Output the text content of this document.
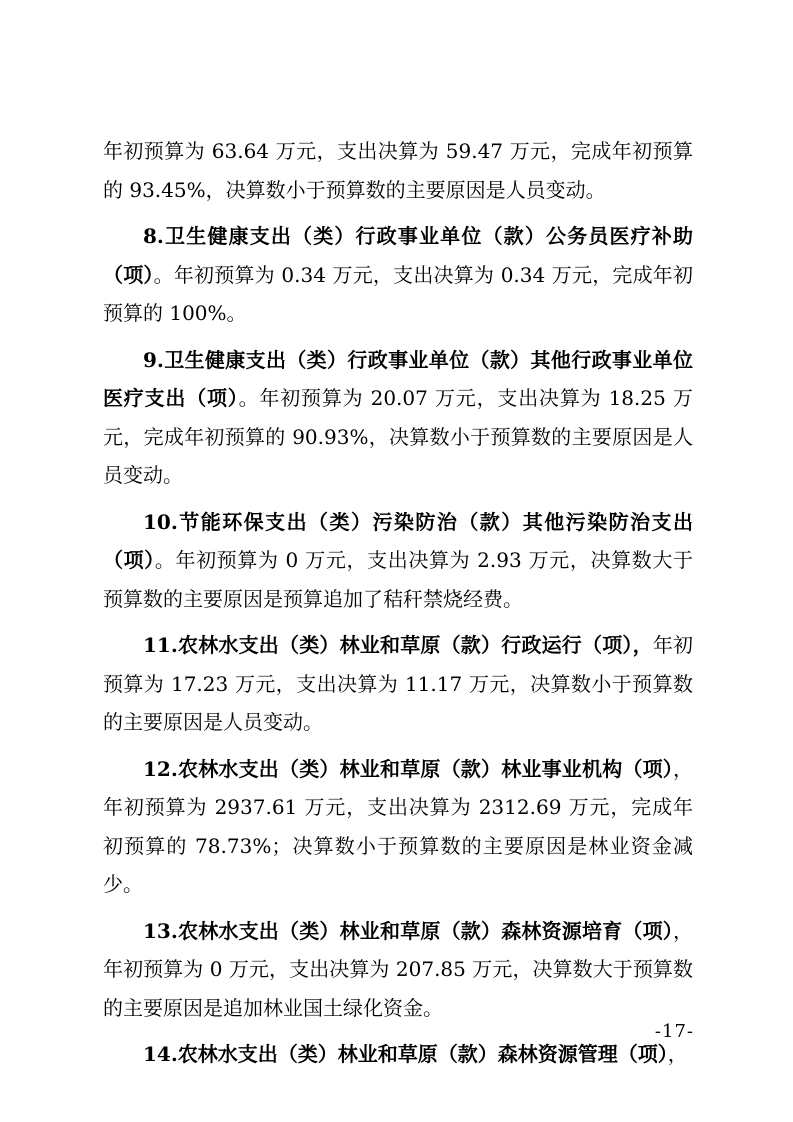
年初预算为 63.64 万元，支出决算为 59.47 万元，完成年初预算的 93.45%，决算数小于预算数的主要原因是人员变动。

8.卫生健康支出（类）行政事业单位（款）公务员医疗补助（项）。年初预算为 0.34 万元，支出决算为 0.34 万元，完成年初预算的 100%。

9.卫生健康支出（类）行政事业单位（款）其他行政事业单位医疗支出（项）。年初预算为 20.07 万元，支出决算为 18.25 万元，完成年初预算的 90.93%，决算数小于预算数的主要原因是人员变动。

10.节能环保支出（类）污染防治（款）其他污染防治支出（项）。年初预算为 0 万元，支出决算为 2.93 万元，决算数大于预算数的主要原因是预算追加了秸秆禁烧经费。

11.农林水支出（类）林业和草原（款）行政运行（项），年初预算为 17.23 万元，支出决算为 11.17 万元，决算数小于预算数的主要原因是人员变动。

12.农林水支出（类）林业和草原（款）林业事业机构（项），年初预算为 2937.61 万元，支出决算为 2312.69 万元，完成年初预算的 78.73%；决算数小于预算数的主要原因是林业资金减少。

13.农林水支出（类）林业和草原（款）森林资源培育（项），年初预算为 0 万元，支出决算为 207.85 万元，决算数大于预算数的主要原因是追加林业国土绿化资金。

14.农林水支出（类）林业和草原（款）森林资源管理（项），

-17-
